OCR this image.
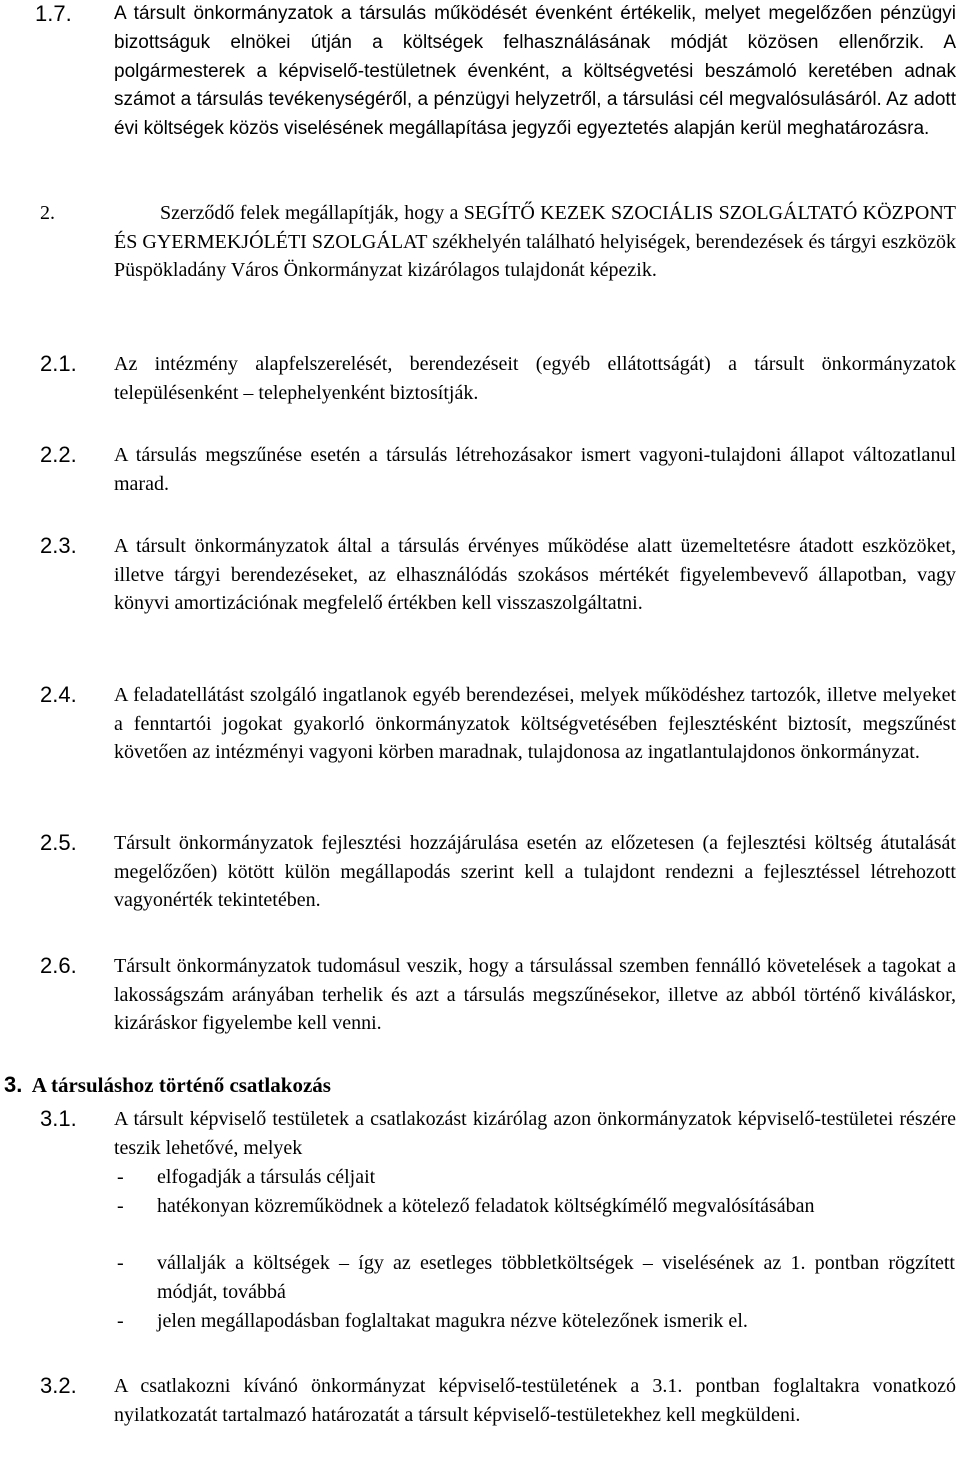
1.7. A társult önkormányzatok a társulás működését évenként értékelik, melyet megelőzően pénzügyi bizottságuk elnökei útján a költségek felhasználásának módját közösen ellenőrzik. A polgármesterek a képviselő-testületnek évenként, a költségvetési beszámoló keretében adnak számot a társulás tevékenységéről, a pénzügyi helyzetről, a társulási cél megvalósulásáról. Az adott évi költségek közös viselésének megállapítása jegyzői egyeztetés alapján kerül meghatározásra.

2.	Szerződő felek megállapítják, hogy a SEGÍTŐ KEZEK SZOCIÁLIS SZOLGÁLTATÓ KÖZPONT ÉS GYERMEKJÓLÉTI SZOLGÁLAT székhelyén található helyiségek, berendezések és tárgyi eszközök Püspökladány Város Önkormányzat kizárólagos tulajdonát képezik.

2.1. Az intézmény alapfelszerelését, berendezéseit (egyéb ellátottságát) a társult önkormányzatok településenként – telephelyenként biztosítják.

2.2. A társulás megszűnése esetén a társulás létrehozásakor ismert vagyoni-tulajdoni állapot változatlanul marad.

2.3. A társult önkormányzatok által a társulás érvényes működése alatt üzemeltetésre átadott eszközöket, illetve tárgyi berendezéseket, az elhasználódás szokásos mértékét figyelembevevő állapotban, vagy könyvi amortizációnak megfelelő értékben kell visszaszolgáltatni.

2.4. A feladatellátást szolgáló ingatlanok egyéb berendezései, melyek működéshez tartozók, illetve melyeket a fenntartói jogokat gyakorló önkormányzatok költségvetésében fejlesztésként biztosít, megszűnést követően az intézményi vagyoni körben maradnak, tulajdonosa az ingatlantulajdonos önkormányzat.

2.5. Társult önkormányzatok fejlesztési hozzájárulása esetén az előzetesen (a fejlesztési költség átutalását megelőzően) kötött külön megállapodás szerint kell a tulajdont rendezni a fejlesztéssel létrehozott vagyonérték tekintetében.

2.6. Társult önkormányzatok tudomásul veszik, hogy a társulással szemben fennálló követelések a tagokat a lakosságszám arányában terhelik és azt a társulás megszűnésekor, illetve az abból történő kiváláskor, kizáráskor figyelembe kell venni.

3. A társuláshoz történő csatlakozás

3.1. A társult képviselő testületek a csatlakozást kizárólag azon önkormányzatok képviselő-testületei részére teszik lehetővé, melyek

- elfogadják a társulás céljait

- hatékonyan közreműködnek a kötelező feladatok költségkímélő megvalósításában

- vállalják a költségek – így az esetleges többletköltségek – viselésének az 1. pontban rögzített módját, továbbá

- jelen megállapodásban foglaltakat magukra nézve kötelezőnek ismerik el.

3.2. A csatlakozni kívánó önkormányzat képviselő-testületének a 3.1. pontban foglaltakra vonatkozó nyilatkozatát tartalmazó határozatát a társult képviselő-testületekhez kell megküldeni.
